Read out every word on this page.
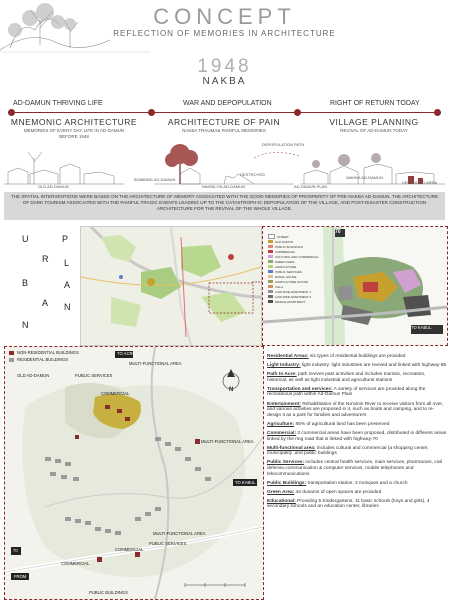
CONCEPT
REFLECTION OF MEMORIES IN ARCHITECTURE
1948
NAKBA
AD-DAMUN THRIVING LIFE	WAR AND DEPOPULATION	RIGHT OF RETURN TODAY
MNEMONIC ARCHITECTURE
MEMORIES OF EVERY DAY LIFE IN AD-DAMUN
BEFORE 1948
ARCHITECTURE OF PAIN
NAKBA TRAUMA& PAINFUL MEMORIES
VILLAGE PLANNING
REVIVAL OF AD-DAMUN TODAY
OLD AD-DAMUN
BOMBING AD-DAMUN
DESTROYED
DEPOPULATION PATH
NAKBA ON AD-DAMUN	AD-DAMUN PLAN
WAHKA AD-DAMUN
URBANIZED AREA
THE SPATIAL INTERVENTIONS WERE BASED ON THE ARCHITECTURE OF MEMORY ASSOCIATED WITH THE GOOD MEMORIES OF PROSPERITY OF PRE-NAKBA AD-DAMUN. THE ARCHITECTURE OF DARK TOURISM ASSOCIATED WITH THE PAINFUL TRAGIC EVENTS LEADING UP TO THE CATASTROPH-IC DEPOPULATION OF THE VILLAGE, AND POST-DISASTER CONSTRUCTION ARCHITECTURE FOR THE REVIVAL OF THE WHOLE VILLAGE.
U
R
B
A
N
P
L
A
N
70
TO KABUL
STREET
OLD DAMUN
PUBLIC BUILDINGS
COMMERCIAL
CULTURAL AND COMMERCIAL
GREEN AREA
AGRICULTURE
PUBLIC SERVICES
RURAL HOUSE
AGRICULTURE HOUSE
VILLA
LOW-RISE APARTMENT 1
LOW-RISE APARTMENT 2
MIDDLE APARTMENT
NON-RESIDENTIAL BUILDINGS
RESIDENTIAL BUILDINGS
TO ACRE
MULTI-FUNCTIONAL AREA
OLD AD-DAMUN	PUBLIC SERVICES
COMMERCIAL
MULTI-FUNCTIONAL AREA
TO KABUL
MULTI-FUNCTIONAL AREA
PUBLIC SERVICES
COMMERCIAL
COMMERCIAL
PUBLIC BUILDINGS
70
FROM
N
Residential Areas: six types of residential buildings are provided
Light Industry: light industry: light industries are revived and linked with highway-85
Path to Acre: path revives past activities and includes touristic, recreation, historical, as well as light industrial and agricultural stations
Transportation and services: A variety of services are provided along the recreational path within Ad-Damun Plain
Entertainment: Rehabilitation of the Na'amin River to receive visitors from all over, and various activities are proposed in it, such as boats and camping, and to re-design it as a park for families and adventurers
Agriculture: 85% of agricultural land has been preserved
Commercial: 3 commercial areas have been proposed, distributed in different areas linked by the ring road that is linked with highway-70
Multi-functional area: includes cultural and commercial (a shopping center, municipality ,and public buildings
Public Services: includes central health services, main services, pharmacies, civil defense,communication & computer services, mobile telephones and telecommunications
Public Buildings: transportation station, 3 mosques and a church
Green Area: 44 dunams of open spaces are provided
Educational: Providing 5 Kindergartens, 11 basic schools (boys and girls), 4 secondary schools and an education center, libraries
